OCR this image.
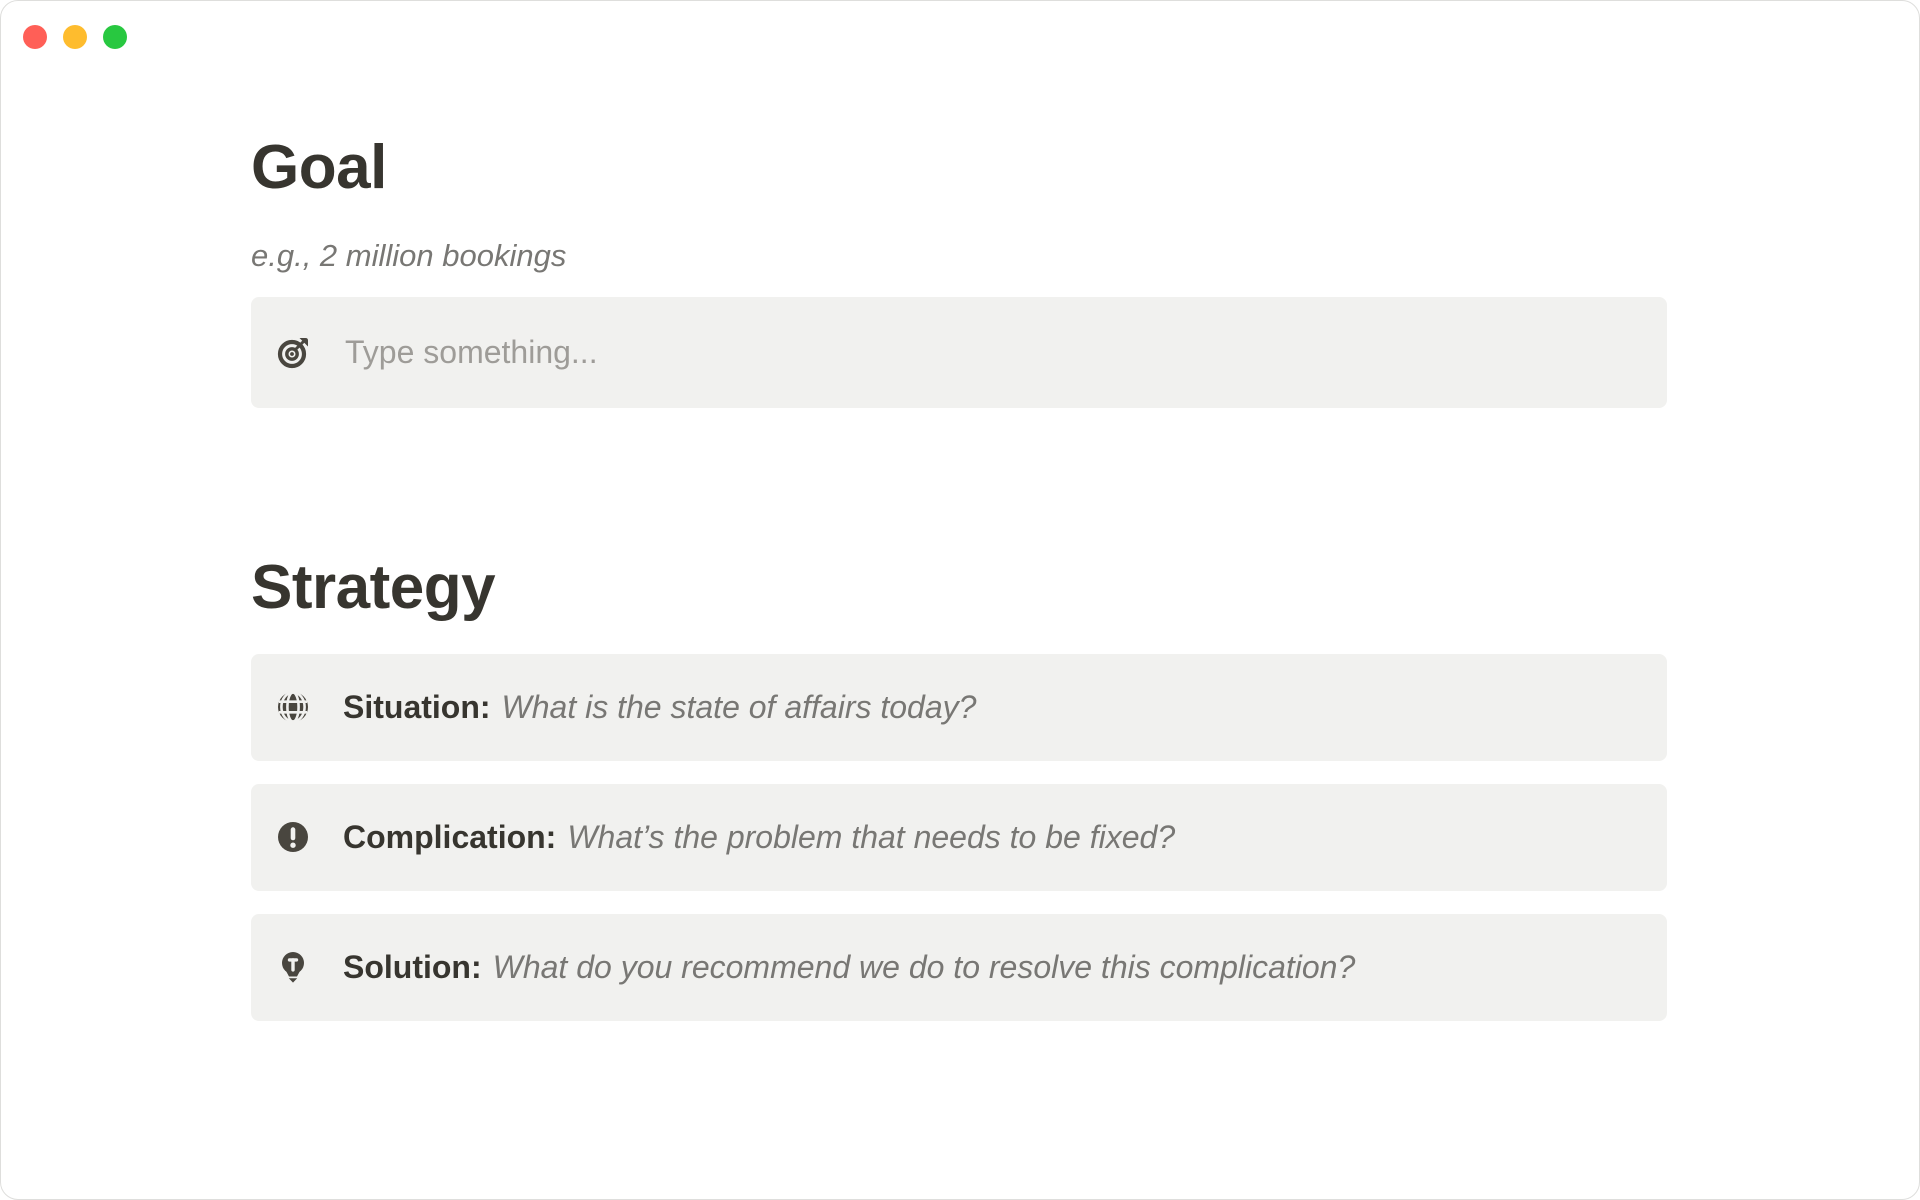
Goal

e.g., 2 million bookings

Type something...
Strategy

Situation: What is the state of affairs today?

Complication: What’s the problem that needs to be fixed?

Solution: What do you recommend we do to resolve this complication?
